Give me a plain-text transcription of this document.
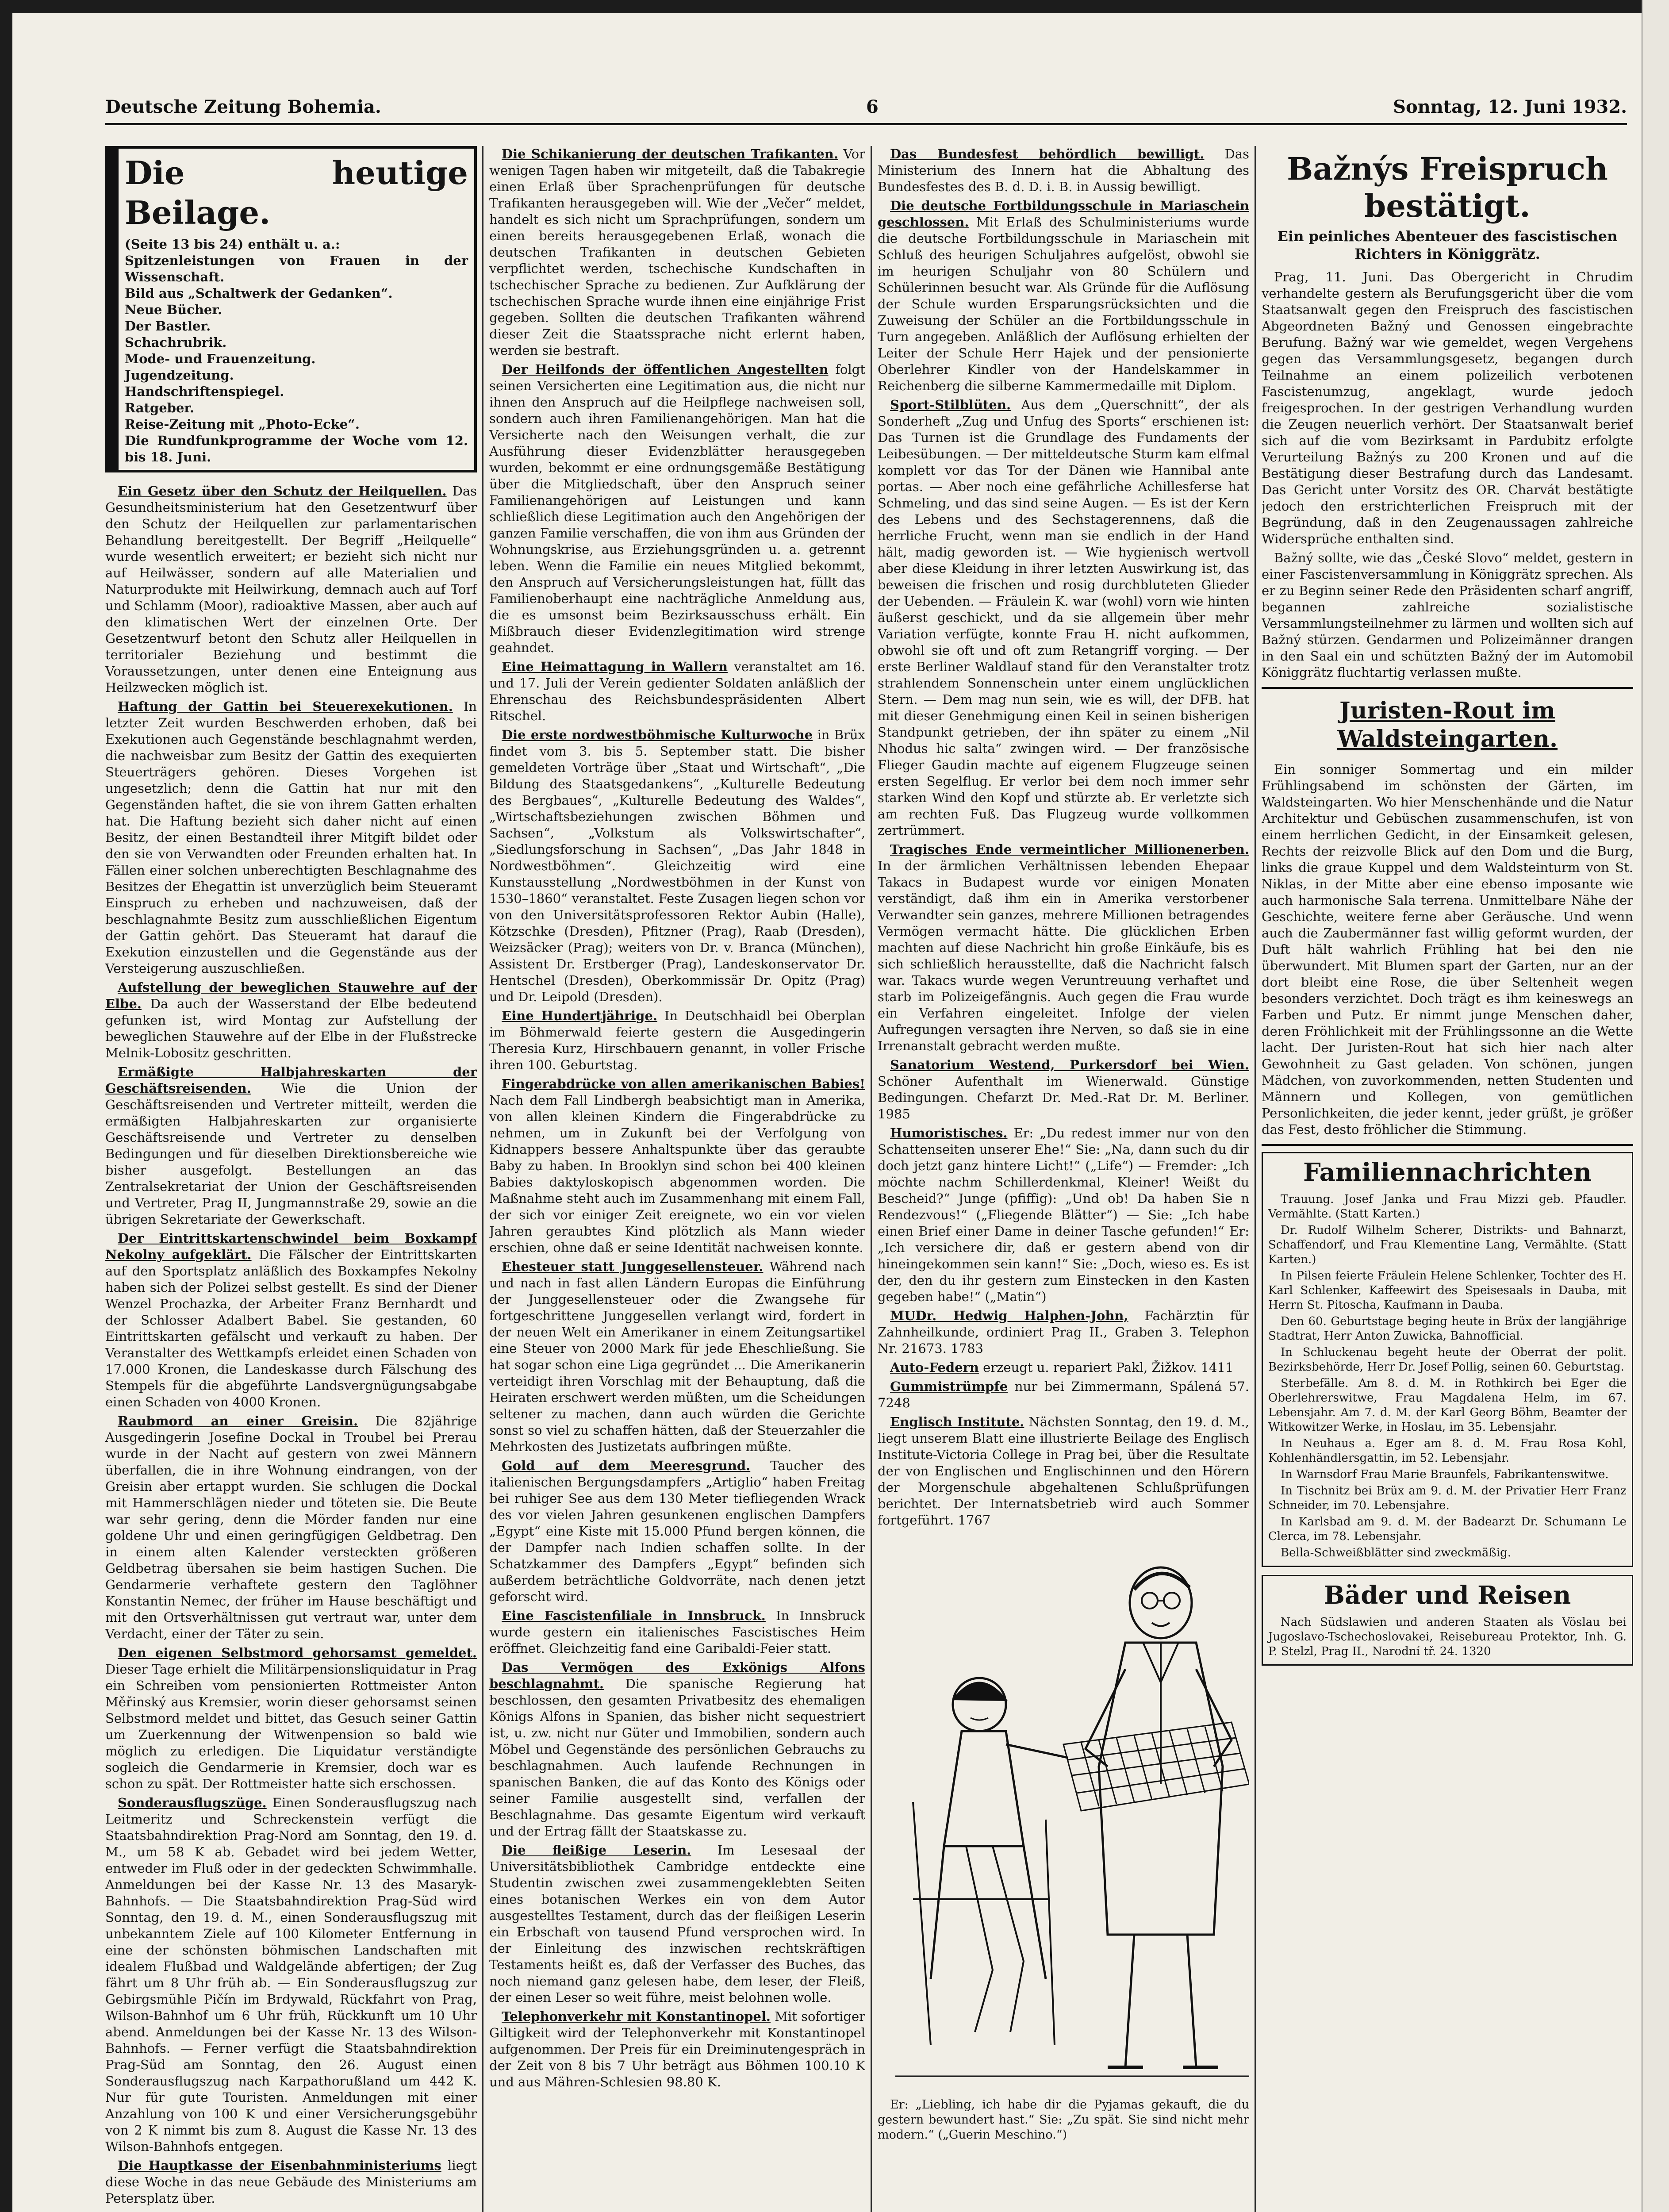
Deutsche Zeitung Bohemia.	6	Sonntag, 12. Juni 1932.
Die heutige Beilage.
(Seite 13 bis 24) enthält u. a.:
Spitzenleistungen von Frauen in der Wissenschaft.
Bild aus „Schaltwerk der Gedanken“.
Neue Bücher.
Der Bastler.
Schachrubrik.
Mode- und Frauenzeitung.
Jugendzeitung.
Handschriftenspiegel.
Ratgeber.
Reise-Zeitung mit „Photo-Ecke“.
Die Rundfunkprogramme der Woche vom 12. bis 18. Juni.

Ein Gesetz über den Schutz der Heilquellen. Das Gesundheitsministerium hat den Gesetzentwurf über den Schutz der Heilquellen zur parlamentarischen Behandlung bereitgestellt. Der Begriff „Heilquelle“ wurde wesentlich erweitert; er bezieht sich nicht nur auf Heilwässer, sondern auf alle Materialien und Naturprodukte mit Heilwirkung, demnach auch auf Torf und Schlamm (Moor), radioaktive Massen, aber auch auf den klimatischen Wert der einzelnen Orte. Der Gesetzentwurf betont den Schutz aller Heilquellen in territorialer Beziehung und bestimmt die Voraussetzungen, unter denen eine Enteignung aus Heilzwecken möglich ist.

Haftung der Gattin bei Steuerexekutionen. In letzter Zeit wurden Beschwerden erhoben, daß bei Exekutionen auch Gegenstände beschlagnahmt werden, die nachweisbar zum Besitz der Gattin des exequierten Steuerträgers gehören. Dieses Vorgehen ist ungesetzlich; denn die Gattin hat nur mit den Gegenständen haftet, die sie von ihrem Gatten erhalten hat. Die Haftung bezieht sich daher nicht auf einen Besitz, der einen Bestandteil ihrer Mitgift bildet oder den sie von Verwandten oder Freunden erhalten hat. In Fällen einer solchen unberechtigten Beschlagnahme des Besitzes der Ehegattin ist unverzüglich beim Steueramt Einspruch zu erheben und nachzuweisen, daß der beschlagnahmte Besitz zum ausschließlichen Eigentum der Gattin gehört. Das Steueramt hat darauf die Exekution einzustellen und die Gegenstände aus der Versteigerung auszuschließen.

Aufstellung der beweglichen Stauwehre auf der Elbe. Da auch der Wasserstand der Elbe bedeutend gefunken ist, wird Montag zur Aufstellung der beweglichen Stauwehre auf der Elbe in der Flußstrecke Melnik-Lobositz geschritten.

Ermäßigte Halbjahreskarten der Geschäftsreisenden. Wie die Union der Geschäftsreisenden und Vertreter mitteilt, werden die ermäßigten Halbjahreskarten zur organisierte Geschäftsreisende und Vertreter zu denselben Bedingungen und für dieselben Direktionsbereiche wie bisher ausgefolgt. Bestellungen an das Zentralsekretariat der Union der Geschäftsreisenden und Vertreter, Prag II, Jungmannstraße 29, sowie an die übrigen Sekretariate der Gewerkschaft.

Der Eintrittskartenschwindel beim Boxkampf Nekolny aufgeklärt. Die Fälscher der Eintrittskarten auf den Sportsplatz anläßlich des Boxkampfes Nekolny haben sich der Polizei selbst gestellt. Es sind der Diener Wenzel Prochazka, der Arbeiter Franz Bernhardt und der Schlosser Adalbert Babel. Sie gestanden, 60 Eintrittskarten gefälscht und verkauft zu haben. Der Veranstalter des Wettkampfs erleidet einen Schaden von 17.000 Kronen, die Landeskasse durch Fälschung des Stempels für die abgeführte Landsvergnügungsabgabe einen Schaden von 4000 Kronen.

Raubmord an einer Greisin. Die 82jährige Ausgedingerin Josefine Dockal in Troubel bei Prerau wurde in der Nacht auf gestern von zwei Männern überfallen, die in ihre Wohnung eindrangen, von der Greisin aber ertappt wurden. Sie schlugen die Dockal mit Hammerschlägen nieder und töteten sie. Die Beute war sehr gering, denn die Mörder fanden nur eine goldene Uhr und einen geringfügigen Geldbetrag. Den in einem alten Kalender versteckten größeren Geldbetrag übersahen sie beim hastigen Suchen. Die Gendarmerie verhaftete gestern den Taglöhner Konstantin Nemec, der früher im Hause beschäftigt und mit den Ortsverhältnissen gut vertraut war, unter dem Verdacht, einer der Täter zu sein.

Den eigenen Selbstmord gehorsamst gemeldet. Dieser Tage erhielt die Militärpensionsliquidatur in Prag ein Schreiben vom pensionierten Rottmeister Anton Měřinský aus Kremsier, worin dieser gehorsamst seinen Selbstmord meldet und bittet, das Gesuch seiner Gattin um Zuerkennung der Witwenpension so bald wie möglich zu erledigen. Die Liquidatur verständigte sogleich die Gendarmerie in Kremsier, doch war es schon zu spät. Der Rottmeister hatte sich erschossen.

Sonderausflugszüge. Einen Sonderausflugszug nach Leitmeritz und Schreckenstein verfügt die Staatsbahndirektion Prag-Nord am Sonntag, den 19. d. M., um 58 K ab. Gebadet wird bei jedem Wetter, entweder im Fluß oder in der gedeckten Schwimmhalle. Anmeldungen bei der Kasse Nr. 13 des Masaryk-Bahnhofs. — Die Staatsbahndirektion Prag-Süd wird Sonntag, den 19. d. M., einen Sonderausflugszug mit unbekanntem Ziele auf 100 Kilometer Entfernung in eine der schönsten böhmischen Landschaften mit idealem Flußbad und Waldgelände abfertigen; der Zug fährt um 8 Uhr früh ab. — Ein Sonderausflugszug zur Gebirgsmühle Pičín im Brdywald, Rückfahrt von Prag, Wilson-Bahnhof um 6 Uhr früh, Rückkunft um 10 Uhr abend. Anmeldungen bei der Kasse Nr. 13 des Wilson-Bahnhofs. — Ferner verfügt die Staatsbahndirektion Prag-Süd am Sonntag, den 26. August einen Sonderausflugszug nach Karpathorußland um 442 K. Nur für gute Touristen. Anmeldungen mit einer Anzahlung von 100 K und einer Versicherungsgebühr von 2 K nimmt bis zum 8. August die Kasse Nr. 13 des Wilson-Bahnhofs entgegen.

Die Hauptkasse der Eisenbahnministeriums liegt diese Woche in das neue Gebäude des Ministeriums am Petersplatz über.

Die Schikanierung der deutschen Trafikanten. Vor wenigen Tagen haben wir mitgeteilt, daß die Tabakregie einen Erlaß über Sprachenprüfungen für deutsche Trafikanten herausgegeben will. Wie der „Večer“ meldet, handelt es sich nicht um Sprachprüfungen, sondern um einen bereits herausgegebenen Erlaß, wonach die deutschen Trafikanten in deutschen Gebieten verpflichtet werden, tschechische Kundschaften in tschechischer Sprache zu bedienen. Zur Aufklärung der tschechischen Sprache wurde ihnen eine einjährige Frist gegeben. Sollten die deutschen Trafikanten während dieser Zeit die Staatssprache nicht erlernt haben, werden sie bestraft.

Der Heilfonds der öffentlichen Angestellten folgt seinen Versicherten eine Legitimation aus, die nicht nur ihnen den Anspruch auf die Heilpflege nachweisen soll, sondern auch ihren Familienangehörigen. Man hat die Versicherte nach den Weisungen verhalt, die zur Ausführung dieser Evidenzblätter herausgegeben wurden, bekommt er eine ordnungsgemäße Bestätigung über die Mitgliedschaft, über den Anspruch seiner Familienangehörigen auf Leistungen und kann schließlich diese Legitimation auch den Angehörigen der ganzen Familie verschaffen, die von ihm aus Gründen der Wohnungskrise, aus Erziehungsgründen u. a. getrennt leben. Wenn die Familie ein neues Mitglied bekommt, den Anspruch auf Versicherungsleistungen hat, füllt das Familienoberhaupt eine nachträgliche Anmeldung aus, die es umsonst beim Bezirksausschuss erhält. Ein Mißbrauch dieser Evidenzlegitimation wird strenge geahndet.

Eine Heimattagung in Wallern veranstaltet am 16. und 17. Juli der Verein gedienter Soldaten anläßlich der Ehrenschau des Reichsbundespräsidenten Albert Ritschel.

Die erste nordwestböhmische Kulturwoche in Brüx findet vom 3. bis 5. September statt. Die bisher gemeldeten Vorträge über „Staat und Wirtschaft“, „Die Bildung des Staatsgedankens“, „Kulturelle Bedeutung des Bergbaues“, „Kulturelle Bedeutung des Waldes“, „Wirtschaftsbeziehungen zwischen Böhmen und Sachsen“, „Volkstum als Volkswirtschafter“, „Siedlungsforschung in Sachsen“, „Das Jahr 1848 in Nordwestböhmen“. Gleichzeitig wird eine Kunstausstellung „Nordwestböhmen in der Kunst von 1530–1860“ veranstaltet. Feste Zusagen liegen schon vor von den Universitätsprofessoren Rektor Aubin (Halle), Kötzschke (Dresden), Pfitzner (Prag), Raab (Dresden), Weizsäcker (Prag); weiters von Dr. v. Branca (München), Assistent Dr. Erstberger (Prag), Landeskonservator Dr. Hentschel (Dresden), Oberkommissär Dr. Opitz (Prag) und Dr. Leipold (Dresden).

Eine Hundertjährige. In Deutschhaidl bei Oberplan im Böhmerwald feierte gestern die Ausgedingerin Theresia Kurz, Hirschbauern genannt, in voller Frische ihren 100. Geburtstag.

Fingerabdrücke von allen amerikanischen Babies! Nach dem Fall Lindbergh beabsichtigt man in Amerika, von allen kleinen Kindern die Fingerabdrücke zu nehmen, um in Zukunft bei der Verfolgung von Kidnappers bessere Anhaltspunkte über das geraubte Baby zu haben. In Brooklyn sind schon bei 400 kleinen Babies daktyloskopisch abgenommen worden. Die Maßnahme steht auch im Zusammenhang mit einem Fall, der sich vor einiger Zeit ereignete, wo ein vor vielen Jahren geraubtes Kind plötzlich als Mann wieder erschien, ohne daß er seine Identität nachweisen konnte.

Ehesteuer statt Junggesellensteuer. Während nach und nach in fast allen Ländern Europas die Einführung der Junggesellensteuer oder die Zwangsehe für fortgeschrittene Junggesellen verlangt wird, fordert in der neuen Welt ein Amerikaner in einem Zeitungsartikel eine Steuer von 2000 Mark für jede Eheschließung. Sie hat sogar schon eine Liga gegründet ... Die Amerikanerin verteidigt ihren Vorschlag mit der Behauptung, daß die Heiraten erschwert werden müßten, um die Scheidungen seltener zu machen, dann auch würden die Gerichte sonst so viel zu schaffen hätten, daß der Steuerzahler die Mehrkosten des Justizetats aufbringen müßte.

Gold auf dem Meeresgrund. Taucher des italienischen Bergungsdampfers „Artiglio“ haben Freitag bei ruhiger See aus dem 130 Meter tiefliegenden Wrack des vor vielen Jahren gesunkenen englischen Dampfers „Egypt“ eine Kiste mit 15.000 Pfund bergen können, die der Dampfer nach Indien schaffen sollte. In der Schatzkammer des Dampfers „Egypt“ befinden sich außerdem beträchtliche Goldvorräte, nach denen jetzt geforscht wird.

Eine Fascistenfiliale in Innsbruck. In Innsbruck wurde gestern ein italienisches Fascistisches Heim eröffnet. Gleichzeitig fand eine Garibaldi-Feier statt.

Das Vermögen des Exkönigs Alfons beschlagnahmt. Die spanische Regierung hat beschlossen, den gesamten Privatbesitz des ehemaligen Königs Alfons in Spanien, das bisher nicht sequestriert ist, u. zw. nicht nur Güter und Immobilien, sondern auch Möbel und Gegenstände des persönlichen Gebrauchs zu beschlagnahmen. Auch laufende Rechnungen in spanischen Banken, die auf das Konto des Königs oder seiner Familie ausgestellt sind, verfallen der Beschlagnahme. Das gesamte Eigentum wird verkauft und der Ertrag fällt der Staatskasse zu.

Die fleißige Leserin. Im Lesesaal der Universitätsbibliothek Cambridge entdeckte eine Studentin zwischen zwei zusammengeklebten Seiten eines botanischen Werkes ein von dem Autor ausgestelltes Testament, durch das der fleißigen Leserin ein Erbschaft von tausend Pfund versprochen wird. In der Einleitung des inzwischen rechtskräftigen Testaments heißt es, daß der Verfasser des Buches, das noch niemand ganz gelesen habe, dem leser, der Fleiß, der einen Leser so weit führe, meist belohnen wolle.

Telephonverkehr mit Konstantinopel. Mit sofortiger Giltigkeit wird der Telephonverkehr mit Konstantinopel aufgenommen. Der Preis für ein Dreiminutengespräch in der Zeit von 8 bis 7 Uhr beträgt aus Böhmen 100.10 K und aus Mähren-Schlesien 98.80 K.

Das Bundesfest behördlich bewilligt. Das Ministerium des Innern hat die Abhaltung des Bundesfestes des B. d. D. i. B. in Aussig bewilligt.

Die deutsche Fortbildungsschule in Mariaschein geschlossen. Mit Erlaß des Schulministeriums wurde die deutsche Fortbildungsschule in Mariaschein mit Schluß des heurigen Schuljahres aufgelöst, obwohl sie im heurigen Schuljahr von 80 Schülern und Schülerinnen besucht war. Als Gründe für die Auflösung der Schule wurden Ersparungsrücksichten und die Zuweisung der Schüler an die Fortbildungsschule in Turn angegeben. Anläßlich der Auflösung erhielten der Leiter der Schule Herr Hajek und der pensionierte Oberlehrer Kindler von der Handelskammer in Reichenberg die silberne Kammermedaille mit Diplom.

Sport-Stilblüten. Aus dem „Querschnitt“, der als Sonderheft „Zug und Unfug des Sports“ erschienen ist: Das Turnen ist die Grundlage des Fundaments der Leibesübungen. — Der mitteldeutsche Sturm kam elfmal komplett vor das Tor der Dänen wie Hannibal ante portas. — Aber noch eine gefährliche Achillesferse hat Schmeling, und das sind seine Augen. — Es ist der Kern des Lebens und des Sechstagerennens, daß die herrliche Frucht, wenn man sie endlich in der Hand hält, madig geworden ist. — Wie hygienisch wertvoll aber diese Kleidung in ihrer letzten Auswirkung ist, das beweisen die frischen und rosig durchbluteten Glieder der Uebenden. — Fräulein K. war (wohl) vorn wie hinten äußerst geschickt, und da sie allgemein über mehr Variation verfügte, konnte Frau H. nicht aufkommen, obwohl sie oft und oft zum Retangriff vorging. — Der erste Berliner Waldlauf stand für den Veranstalter trotz strahlendem Sonnenschein unter einem unglücklichen Stern. — Dem mag nun sein, wie es will, der DFB. hat mit dieser Genehmigung einen Keil in seinen bisherigen Standpunkt getrieben, der ihn später zu einem „Nil Nhodus hic salta“ zwingen wird. — Der französische Flieger Gaudin machte auf eigenem Flugzeuge seinen ersten Segelflug. Er verlor bei dem noch immer sehr starken Wind den Kopf und stürzte ab. Er verletzte sich am rechten Fuß. Das Flugzeug wurde vollkommen zertrümmert.

Tragisches Ende vermeintlicher Millionenerben. In der ärmlichen Verhältnissen lebenden Ehepaar Takacs in Budapest wurde vor einigen Monaten verständigt, daß ihm ein in Amerika verstorbener Verwandter sein ganzes, mehrere Millionen betragendes Vermögen vermacht hätte. Die glücklichen Erben machten auf diese Nachricht hin große Einkäufe, bis es sich schließlich herausstellte, daß die Nachricht falsch war. Takacs wurde wegen Veruntreuung verhaftet und starb im Polizeigefängnis. Auch gegen die Frau wurde ein Verfahren eingeleitet. Infolge der vielen Aufregungen versagten ihre Nerven, so daß sie in eine Irrenanstalt gebracht werden mußte.

Sanatorium Westend, Purkersdorf bei Wien. Schöner Aufenthalt im Wienerwald. Günstige Bedingungen. Chefarzt Dr. Med.-Rat Dr. M. Berliner. 1985

Humoristisches. Er: „Du redest immer nur von den Schattenseiten unserer Ehe!“ Sie: „Na, dann such du dir doch jetzt ganz hintere Licht!“ („Life“) — Fremder: „Ich möchte nachm Schillerdenkmal, Kleiner! Weißt du Bescheid?“ Junge (pfiffig): „Und ob! Da haben Sie n Rendezvous!“ („Fliegende Blätter“) — Sie: „Ich habe einen Brief einer Dame in deiner Tasche gefunden!“ Er: „Ich versichere dir, daß er gestern abend von dir hineingekommen sein kann!“ Sie: „Doch, wieso es. Es ist der, den du ihr gestern zum Einstecken in den Kasten gegeben habe!“ („Matin“)

MUDr. Hedwig Halphen-John, Fachärztin für Zahnheilkunde, ordiniert Prag II., Graben 3. Telephon Nr. 21673. 1783

Auto-Federn erzeugt u. repariert Pakl, Žižkov. 1411

Gummistrümpfe nur bei Zimmermann, Spálená 57. 7248

Englisch Institute. Nächsten Sonntag, den 19. d. M., liegt unserem Blatt eine illustrierte Beilage des Englisch Institute-Victoria College in Prag bei, über die Resultate der von Englischen und Englischinnen und den Hörern der Morgenschule abgehaltenen Schlußprüfungen berichtet. Der Internatsbetrieb wird auch Sommer fortgeführt. 1767

Er: „Liebling, ich habe dir die Pyjamas gekauft, die du gestern bewundert hast.“ Sie: „Zu spät. Sie sind nicht mehr modern.“ („Guerin Meschino.“)

Bažnýs Freispruch bestätigt.
Ein peinliches Abenteuer des fascistischen Richters in Königgrätz.

Prag, 11. Juni. Das Obergericht in Chrudim verhandelte gestern als Berufungsgericht über die vom Staatsanwalt gegen den Freispruch des fascistischen Abgeordneten Bažný und Genossen eingebrachte Berufung. Bažný war wie gemeldet, wegen Vergehens gegen das Versammlungsgesetz, begangen durch Teilnahme an einem polizeilich verbotenen Fascistenumzug, angeklagt, wurde jedoch freigesprochen. In der gestrigen Verhandlung wurden die Zeugen neuerlich verhört. Der Staatsanwalt berief sich auf die vom Bezirksamt in Pardubitz erfolgte Verurteilung Bažnýs zu 200 Kronen und auf die Bestätigung dieser Bestrafung durch das Landesamt. Das Gericht unter Vorsitz des OR. Charvát bestätigte jedoch den erstrichterlichen Freispruch mit der Begründung, daß in den Zeugenaussagen zahlreiche Widersprüche enthalten sind.

Bažný sollte, wie das „České Slovo“ meldet, gestern in einer Fascistenversammlung in Königgrätz sprechen. Als er zu Beginn seiner Rede den Präsidenten scharf angriff, begannen zahlreiche sozialistische Versammlungsteilnehmer zu lärmen und wollten sich auf Bažný stürzen. Gendarmen und Polizeimänner drangen in den Saal ein und schützten Bažný der im Automobil Königgrätz fluchtartig verlassen mußte.

Juristen-Rout im Waldsteingarten.

Ein sonniger Sommertag und ein milder Frühlingsabend im schönsten der Gärten, im Waldsteingarten. Wo hier Menschenhände und die Natur Architektur und Gebüschen zusammenschufen, ist von einem herrlichen Gedicht, in der Einsamkeit gelesen, Rechts der reizvolle Blick auf den Dom und die Burg, links die graue Kuppel und dem Waldsteinturm von St. Niklas, in der Mitte aber eine ebenso imposante wie auch harmonische Sala terrena. Unmittelbare Nähe der Geschichte, weitere ferne aber Geräusche. Und wenn auch die Zaubermänner fast willig geformt wurden, der Duft hält wahrlich Frühling hat bei den nie überwundert. Mit Blumen spart der Garten, nur an der dort bleibt eine Rose, die über Seltenheit wegen besonders verzichtet. Doch trägt es ihm keineswegs an Farben und Putz. Er nimmt junge Menschen daher, deren Fröhlichkeit mit der Frühlingssonne an die Wette lacht. Der Juristen-Rout hat sich hier nach alter Gewohnheit zu Gast geladen. Von schönen, jungen Mädchen, von zuvorkommenden, netten Studenten und Männern und Kollegen, von gemütlichen Personlichkeiten, die jeder kennt, jeder grüßt, je größer das Fest, desto fröhlicher die Stimmung.

Familiennachrichten

Trauung. Josef Janka und Frau Mizzi geb. Pfaudler. Vermählte. (Statt Karten.)

Dr. Rudolf Wilhelm Scherer, Distrikts- und Bahnarzt, Schaffendorf, und Frau Klementine Lang, Vermählte. (Statt Karten.)

In Pilsen feierte Fräulein Helene Schlenker, Tochter des H. Karl Schlenker, Kaffeewirt des Speisesaals in Dauba, mit Herrn St. Pitoscha, Kaufmann in Dauba.

Den 60. Geburtstage beging heute in Brüx der langjährige Stadtrat, Herr Anton Zuwicka, Bahnofficial.

In Schluckenau begeht heute der Oberrat der polit. Bezirksbehörde, Herr Dr. Josef Pollig, seinen 60. Geburtstag.

Sterbefälle. Am 8. d. M. in Rothkirch bei Eger die Oberlehrerswitwe, Frau Magdalena Helm, im 67. Lebensjahr. Am 7. d. M. der Karl Georg Böhm, Beamter der Witkowitzer Werke, in Hoslau, im 35. Lebensjahr.

In Neuhaus a. Eger am 8. d. M. Frau Rosa Kohl, Kohlenhändlersgattin, im 52. Lebensjahr.

In Warnsdorf Frau Marie Braunfels, Fabrikantenswitwe.

In Tischnitz bei Brüx am 9. d. M. der Privatier Herr Franz Schneider, im 70. Lebensjahre.

In Karlsbad am 9. d. M. der Badearzt Dr. Schumann Le Clerca, im 78. Lebensjahr.

Bella-Schweißblätter sind zweckmäßig.

Bäder und Reisen

Nach Südslawien und anderen Staaten als Vöslau bei Jugoslavo-Tschechoslovakei, Reisebureau Protektor, Inh. G. P. Stelzl, Prag II., Narodní tř. 24. 1320
